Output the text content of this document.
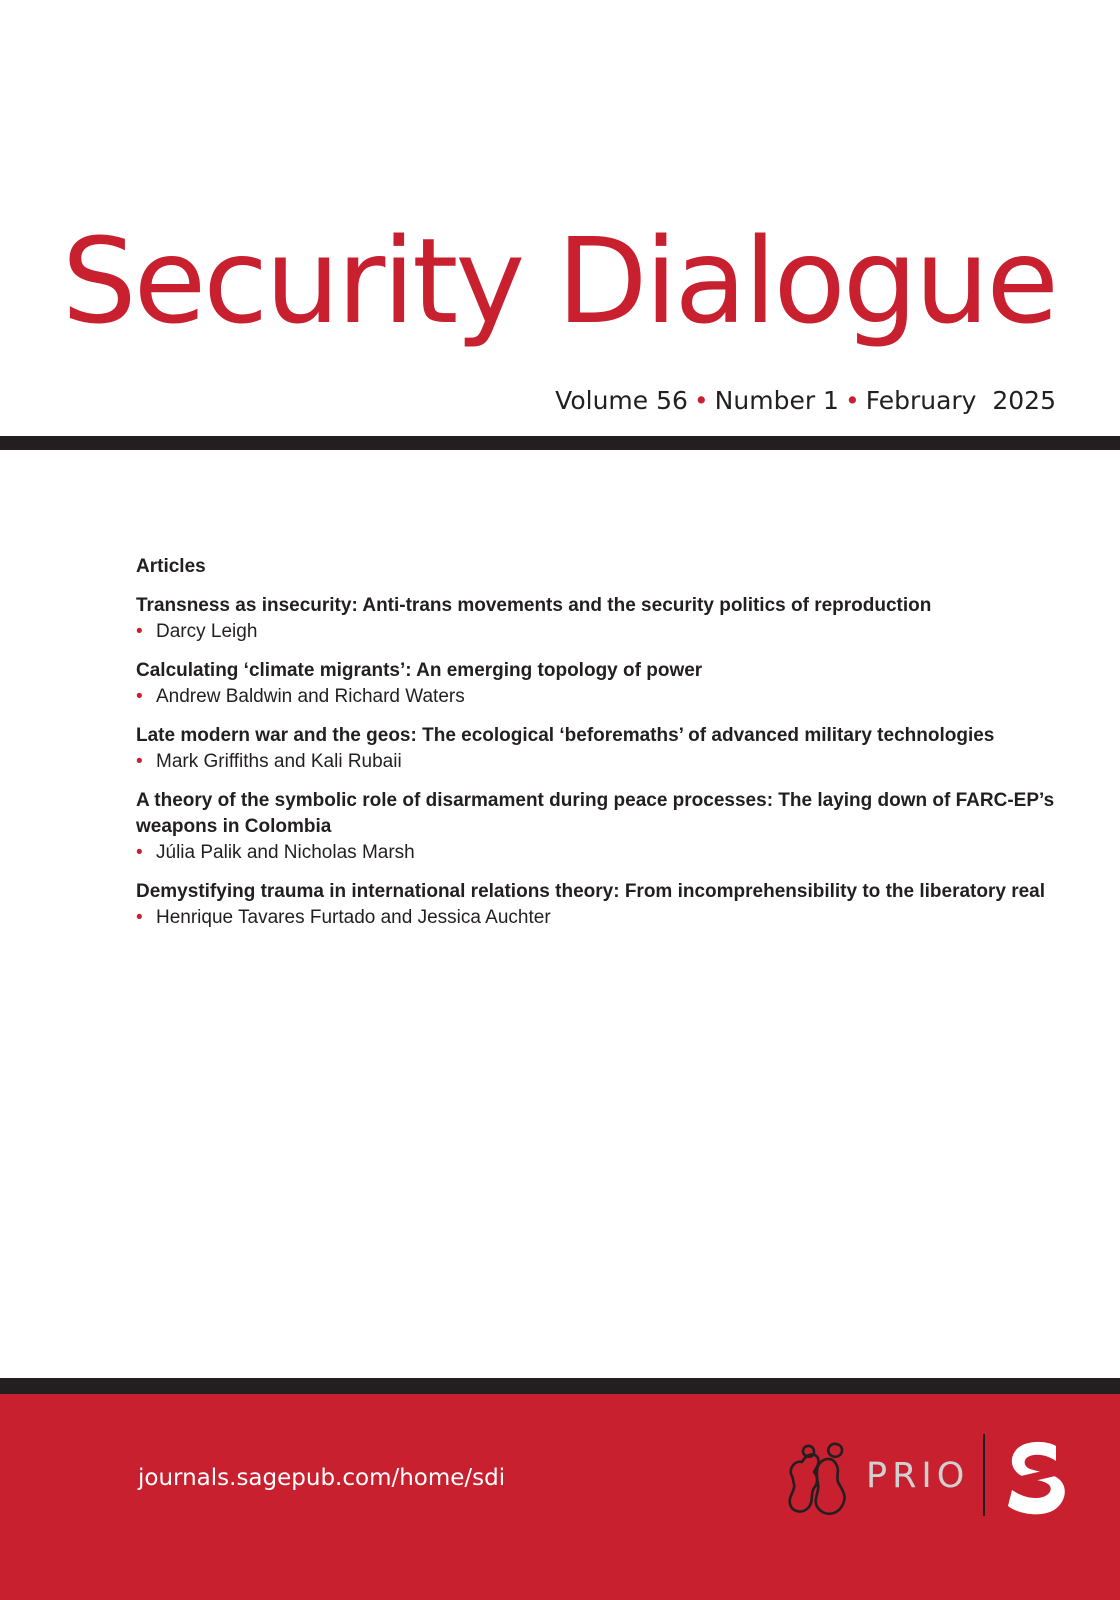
Security Dialogue
Volume 56 • Number 1 • February  2025
Articles
Transness as insecurity: Anti-trans movements and the security politics of reproduction
• Darcy Leigh
Calculating ‘climate migrants’: An emerging topology of power
• Andrew Baldwin and Richard Waters
Late modern war and the geos: The ecological ‘beforemaths’ of advanced military technologies
• Mark Griffiths and Kali Rubaii
A theory of the symbolic role of disarmament during peace processes: The laying down of FARC-EP’s weapons in Colombia
• Júlia Palik and Nicholas Marsh
Demystifying trauma in international relations theory: From incomprehensibility to the liberatory real
• Henrique Tavares Furtado and Jessica Auchter
journals.sagepub.com/home/sdi	PRIO
